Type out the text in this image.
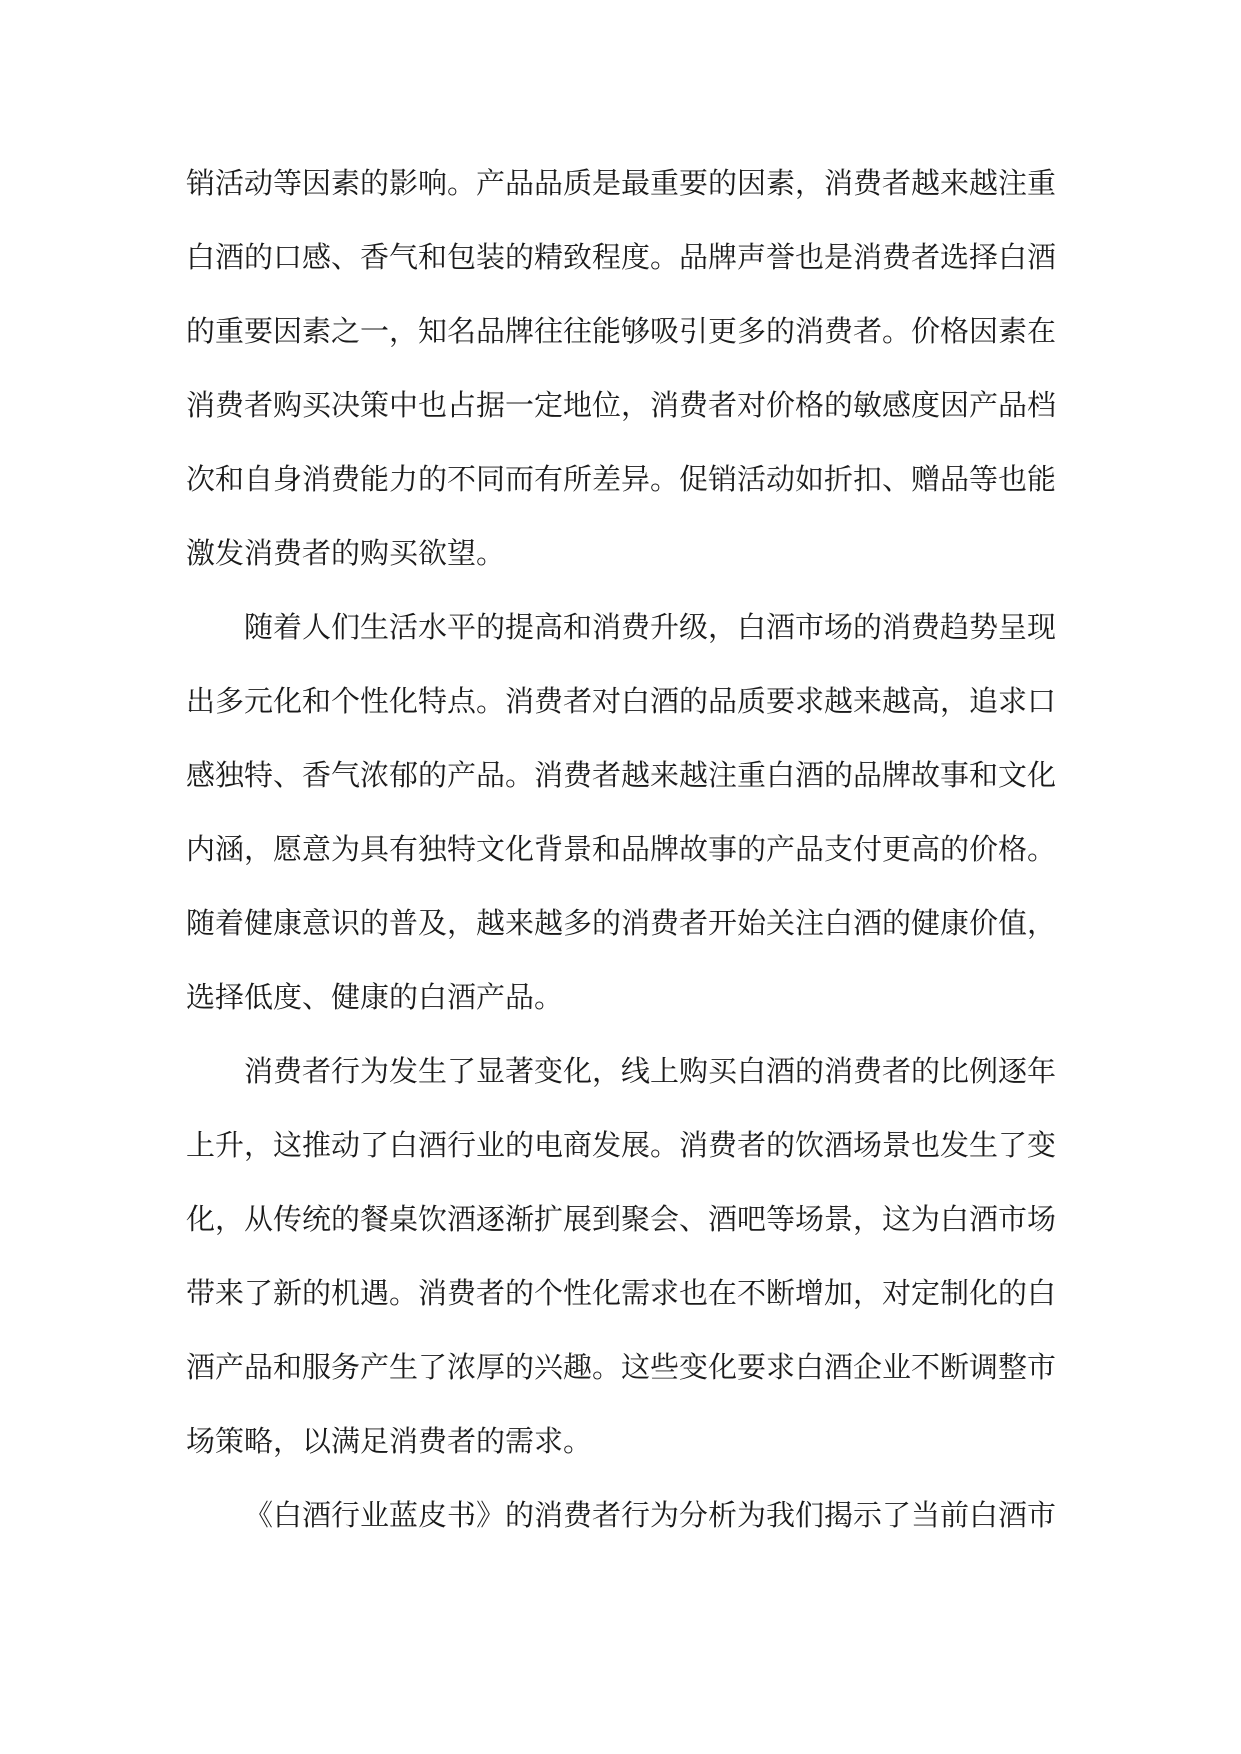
销活动等因素的影响。产品品质是最重要的因素，消费者越来越注重
白酒的口感、香气和包装的精致程度。品牌声誉也是消费者选择白酒
的重要因素之一，知名品牌往往能够吸引更多的消费者。价格因素在
消费者购买决策中也占据一定地位，消费者对价格的敏感度因产品档
次和自身消费能力的不同而有所差异。促销活动如折扣、赠品等也能
激发消费者的购买欲望。
随着人们生活水平的提高和消费升级，白酒市场的消费趋势呈现
出多元化和个性化特点。消费者对白酒的品质要求越来越高，追求口
感独特、香气浓郁的产品。消费者越来越注重白酒的品牌故事和文化
内涵，愿意为具有独特文化背景和品牌故事的产品支付更高的价格。
随着健康意识的普及，越来越多的消费者开始关注白酒的健康价值，
选择低度、健康的白酒产品。
消费者行为发生了显著变化，线上购买白酒的消费者的比例逐年
上升，这推动了白酒行业的电商发展。消费者的饮酒场景也发生了变
化，从传统的餐桌饮酒逐渐扩展到聚会、酒吧等场景，这为白酒市场
带来了新的机遇。消费者的个性化需求也在不断增加，对定制化的白
酒产品和服务产生了浓厚的兴趣。这些变化要求白酒企业不断调整市
场策略，以满足消费者的需求。
《白酒行业蓝皮书》的消费者行为分析为我们揭示了当前白酒市
